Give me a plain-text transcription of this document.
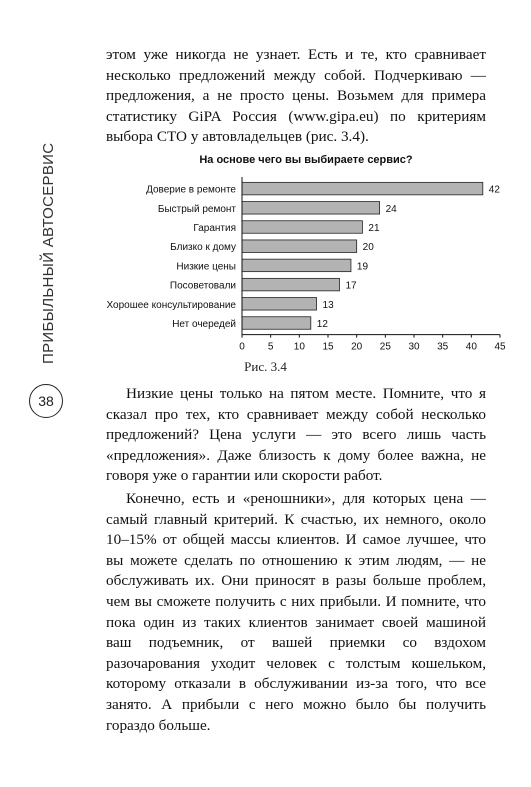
ПРИБЫЛЬНЫЙ АВТОСЕРВИС
38

этом уже никогда не узнает. Есть и те, кто сравнивает несколько предложений между собой. Подчеркиваю — предложения, а не просто цены. Возьмем для примера статистику GiPA Россия (www.gipa.eu) по критериям выбора СТО у автовладельцев (рис. 3.4).

На основе чего вы выбираете сервис?
Доверие в ремонте	42
Быстрый ремонт	24
Гарантия	21
Близко к дому	20
Низкие цены	19
Посоветовали	17
Хорошее консультирование	13
Нет очередей	12
0 5 10 15 20 25 30 35 40 45
Рис. 3.4

Низкие цены только на пятом месте. Помните, что я сказал про тех, кто сравнивает между собой несколько предложений? Цена услуги — это всего лишь часть «предложения». Даже близость к дому более важна, не говоря уже о гарантии или скорости работ.

Конечно, есть и «реношники», для которых цена — самый главный критерий. К счастью, их немного, около 10–15% от общей массы клиентов. И самое лучшее, что вы можете сделать по отношению к этим людям, — не обслуживать их. Они приносят в разы больше проблем, чем вы сможете получить с них прибыли. И помните, что пока один из таких клиентов занимает своей машиной ваш подъемник, от вашей приемки со вздохом разочарования уходит человек с толстым кошельком, которому отказали в обслуживании из-за того, что все занято. А прибыли с него можно было бы получить гораздо больше.
